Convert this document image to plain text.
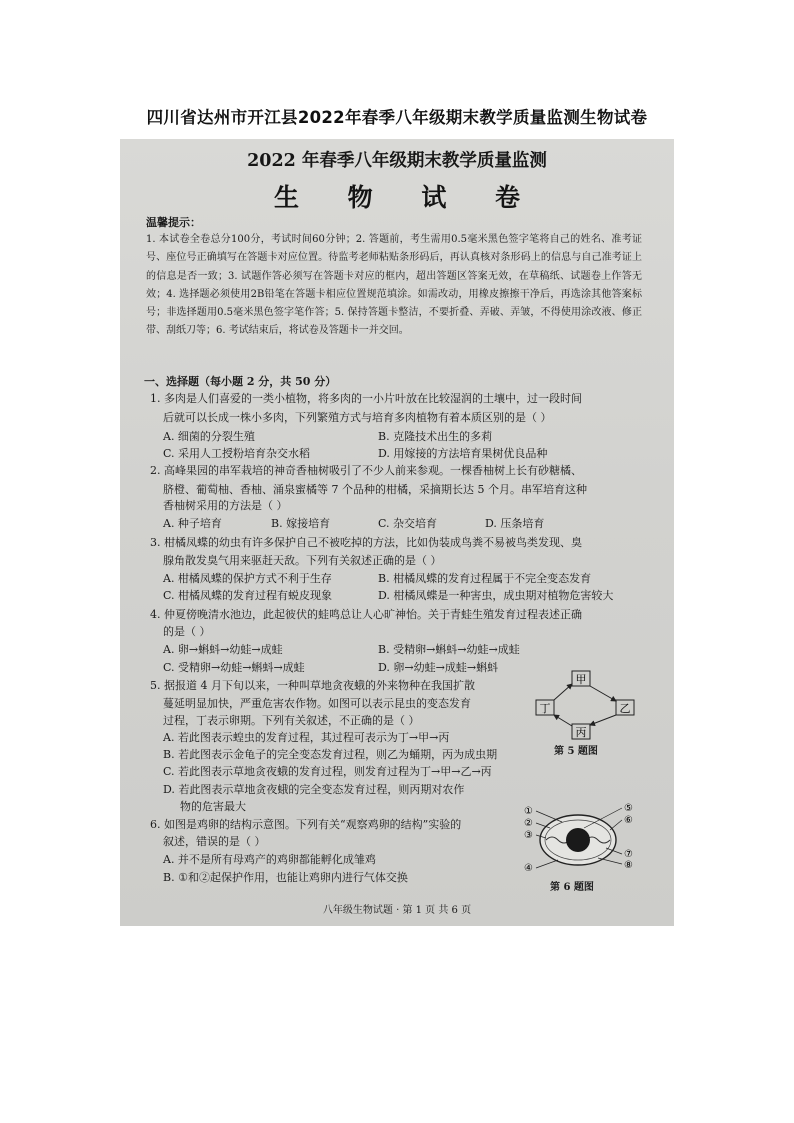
四川省达州市开江县2022年春季八年级期末教学质量监测生物试卷
2022 年春季八年级期末教学质量监测
生 物 试 卷
温馨提示：
1. 本试卷全卷总分100分，考试时间60分钟；2. 答题前，考生需用0.5毫米黑色签字笔将自己的姓名、准考证号、座位号正确填写在答题卡对应位置。待监考老师粘贴条形码后，再认真核对条形码上的信息与自己准考证上的信息是否一致；3. 试题作答必须写在答题卡对应的框内，超出答题区答案无效，在草稿纸、试题卷上作答无效；4. 选择题必须使用2B铅笔在答题卡相应位置规范填涂。如需改动，用橡皮擦擦干净后，再选涂其他答案标号；非选择题用0.5毫米黑色签字笔作答；5. 保持答题卡整洁，不要折叠、弄破、弄皱，不得使用涂改液、修正带、刮纸刀等；6. 考试结束后，将试卷及答题卡一并交回。
一、选择题（每小题 2 分，共 50 分）
1. 多肉是人们喜爱的一类小植物，将多肉的一小片叶放在比较湿润的土壤中，过一段时间
后就可以长成一株小多肉，下列繁殖方式与培育多肉植物有着本质区别的是（ ）
A. 细菌的分裂生殖	B. 克隆技术出生的多莉
C. 采用人工授粉培育杂交水稻	D. 用嫁接的方法培育果树优良品种
2. 高峰果园的串军栽培的神奇香柚树吸引了不少人前来参观。一棵香柚树上长有砂糖橘、
脐橙、葡萄柚、香柚、涌泉蜜橘等 7 个品种的柑橘，采摘期长达 5 个月。串军培育这种
香柚树采用的方法是（ ）
A. 种子培育	B. 嫁接培育	C. 杂交培育	D. 压条培育
3. 柑橘凤蝶的幼虫有许多保护自己不被吃掉的方法，比如伪装成鸟粪不易被鸟类发现、臭
腺角散发臭气用来驱赶天敌。下列有关叙述正确的是（ ）
A. 柑橘凤蝶的保护方式不利于生存	B. 柑橘凤蝶的发育过程属于不完全变态发育
C. 柑橘凤蝶的发育过程有蜕皮现象	D. 柑橘凤蝶是一种害虫，成虫期对植物危害较大
4. 仲夏傍晚清水池边，此起彼伏的蛙鸣总让人心旷神怡。关于青蛙生殖发育过程表述正确
的是（ ）
A. 卵→蝌蚪→幼蛙→成蛙	B. 受精卵→蝌蚪→幼蛙→成蛙
C. 受精卵→幼蛙→蝌蚪→成蛙	D. 卵→幼蛙→成蛙→蝌蚪
5. 据报道 4 月下旬以来，一种叫草地贪夜蛾的外来物种在我国扩散
蔓延明显加快，严重危害农作物。如图可以表示昆虫的变态发育
过程，丁表示卵期。下列有关叙述，不正确的是（ ）
A. 若此图表示蝗虫的发育过程，其过程可表示为丁→甲→丙
B. 若此图表示金龟子的完全变态发育过程，则乙为蛹期，丙为成虫期
C. 若此图表示草地贪夜蛾的发育过程，则发育过程为丁→甲→乙→丙
D. 若此图表示草地贪夜蛾的完全变态发育过程，则丙期对农作
物的危害最大
甲
乙
丙
丁
第 5 题图
6. 如图是鸡卵的结构示意图。下列有关“观察鸡卵的结构”实验的
叙述，错误的是（ ）
A. 并不是所有母鸡产的鸡卵都能孵化成雏鸡
B. ①和②起保护作用，也能让鸡卵内进行气体交换
①
②
③
④
⑤
⑥
⑦
⑧
第 6 题图
八年级生物试题 · 第 1 页 共 6 页
